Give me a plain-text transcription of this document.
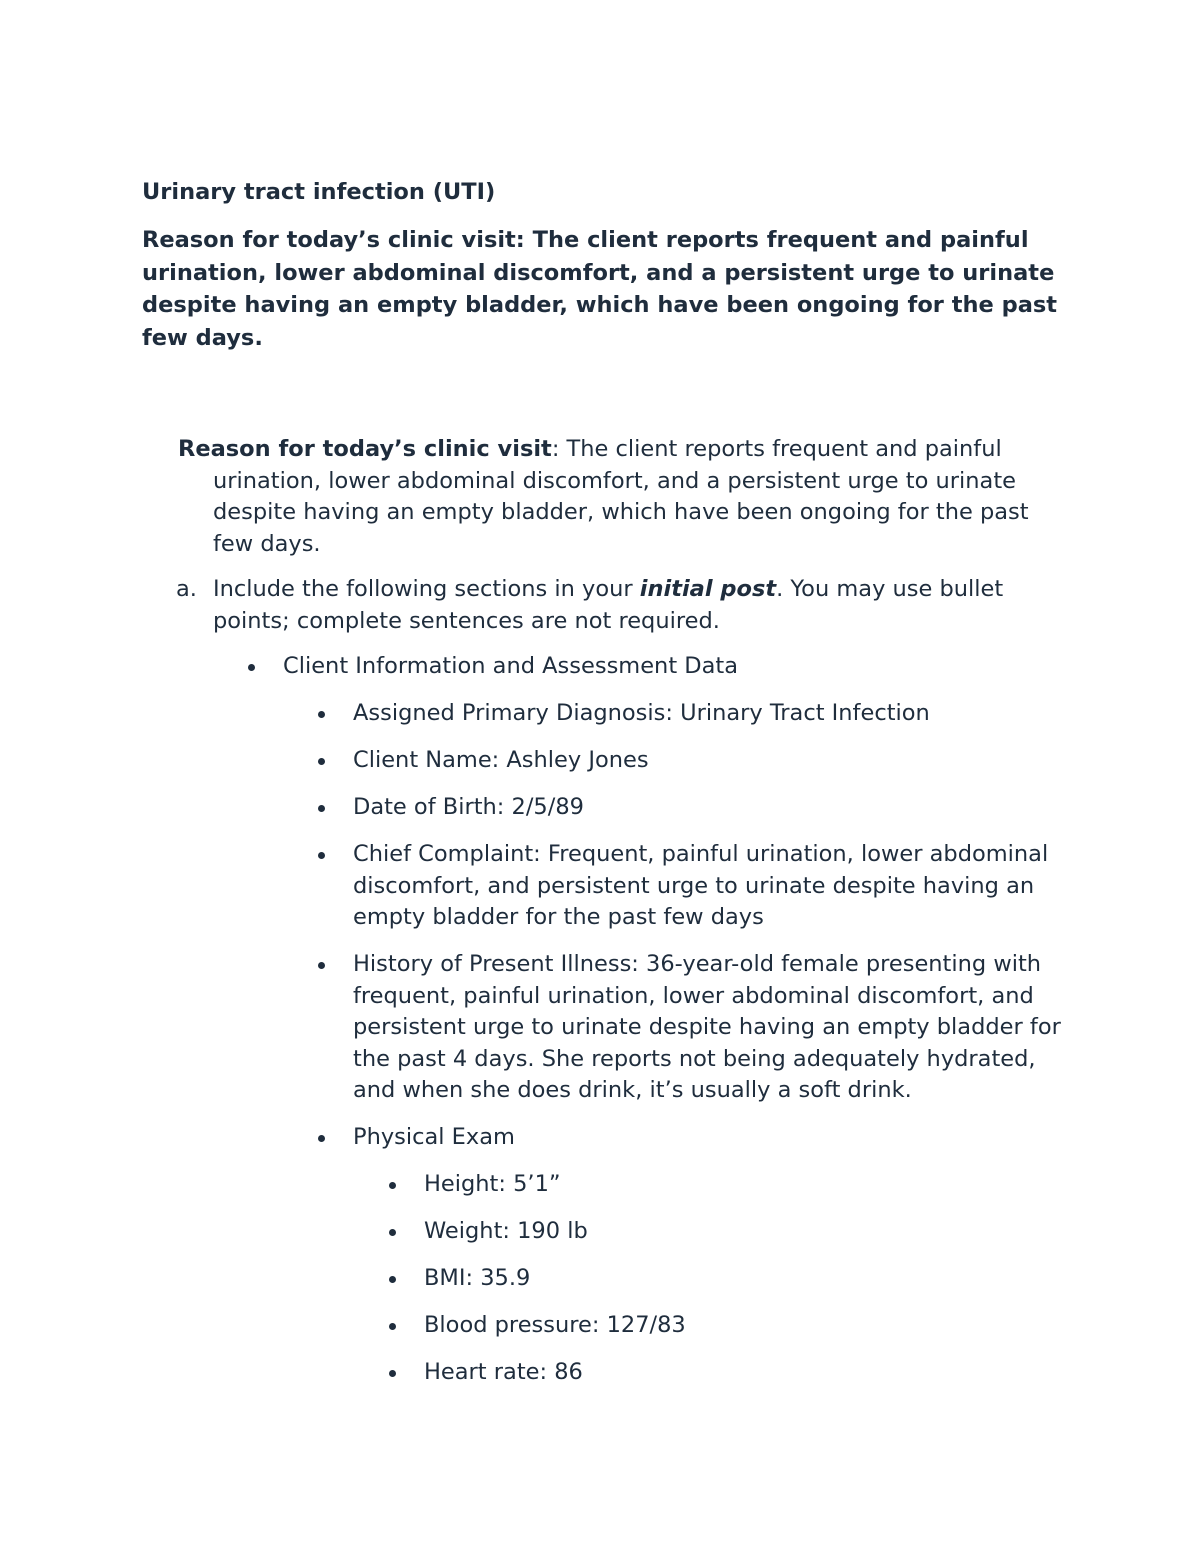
Urinary tract infection (UTI)

Reason for today’s clinic visit: The client reports frequent and painful urination, lower abdominal discomfort, and a persistent urge to urinate despite having an empty bladder, which have been ongoing for the past few days.

Reason for today’s clinic visit: The client reports frequent and painful urination, lower abdominal discomfort, and a persistent urge to urinate despite having an empty bladder, which have been ongoing for the past few days.

a. Include the following sections in your initial post. You may use bullet points; complete sentences are not required.
Client Information and Assessment Data
Assigned Primary Diagnosis: Urinary Tract Infection
Client Name: Ashley Jones
Date of Birth: 2/5/89
Chief Complaint: Frequent, painful urination, lower abdominal discomfort, and persistent urge to urinate despite having an empty bladder for the past few days
History of Present Illness: 36-year-old female presenting with frequent, painful urination, lower abdominal discomfort, and persistent urge to urinate despite having an empty bladder for the past 4 days. She reports not being adequately hydrated, and when she does drink, it’s usually a soft drink.
Physical Exam
Height: 5’1”
Weight: 190 lb
BMI: 35.9
Blood pressure: 127/83
Heart rate: 86
